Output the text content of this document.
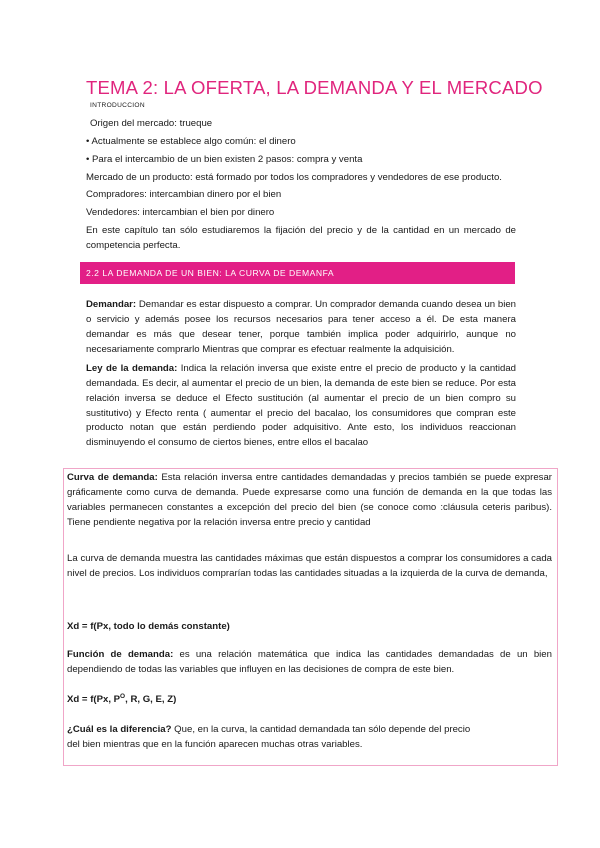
TEMA 2: LA OFERTA, LA DEMANDA Y EL MERCADO
INTRODUCCION
Origen del mercado: trueque
• Actualmente se establece algo común: el dinero
• Para el intercambio de un bien existen 2 pasos: compra y venta
Mercado de un producto: está formado por todos los compradores y vendedores de ese producto.
Compradores: intercambian dinero por el bien
Vendedores: intercambian el bien por dinero
En este capítulo tan sólo estudiaremos la fijación del precio y de la cantidad en un mercado de competencia perfecta.
2.2 LA DEMANDA DE UN BIEN: LA CURVA DE DEMANFA
Demandar: Demandar es estar dispuesto a comprar. Un comprador demanda cuando desea un bien o servicio y además posee los recursos necesarios para tener acceso a él. De esta manera demandar es más que desear tener, porque también implica poder adquirirlo, aunque no necesariamente comprarlo Mientras que comprar es efectuar realmente la adquisición.
Ley de la demanda: Indica la relación inversa que existe entre el precio de producto y la cantidad demandada. Es decir, al aumentar el precio de un bien, la demanda de este bien se reduce. Por esta relación inversa se deduce el Efecto sustitución (al aumentar el precio de un bien compro su sustitutivo) y Efecto renta ( aumentar el precio del bacalao, los consumidores que compran este producto notan que están perdiendo poder adquisitivo. Ante esto, los individuos reaccionan disminuyendo el consumo de ciertos bienes, entre ellos el bacalao
Curva de demanda: Esta relación inversa entre cantidades demandadas y precios también se puede expresar gráficamente como curva de demanda. Puede expresarse como una función de demanda en la que todas las variables permanecen constantes a excepción del precio del bien (se conoce como :cláusula ceteris paribus). Tiene pendiente negativa por la relación inversa entre precio y cantidad
La curva de demanda muestra las cantidades máximas que están dispuestos a comprar los consumidores a cada nivel de precios. Los individuos comprarían todas las cantidades situadas a la izquierda de la curva de demanda,
Xd = f(Px, todo lo demás constante)
Función de demanda: es una relación matemática que indica las cantidades demandadas de un bien dependiendo de todas las variables que influyen en las decisiones de compra de este bien.
Xd = f(Px, $P^O$, R, G, E, Z)
¿Cuál es la diferencia? Que, en la curva, la cantidad demandada tan sólo depende del precio
del bien mientras que en la función aparecen muchas otras variables.
